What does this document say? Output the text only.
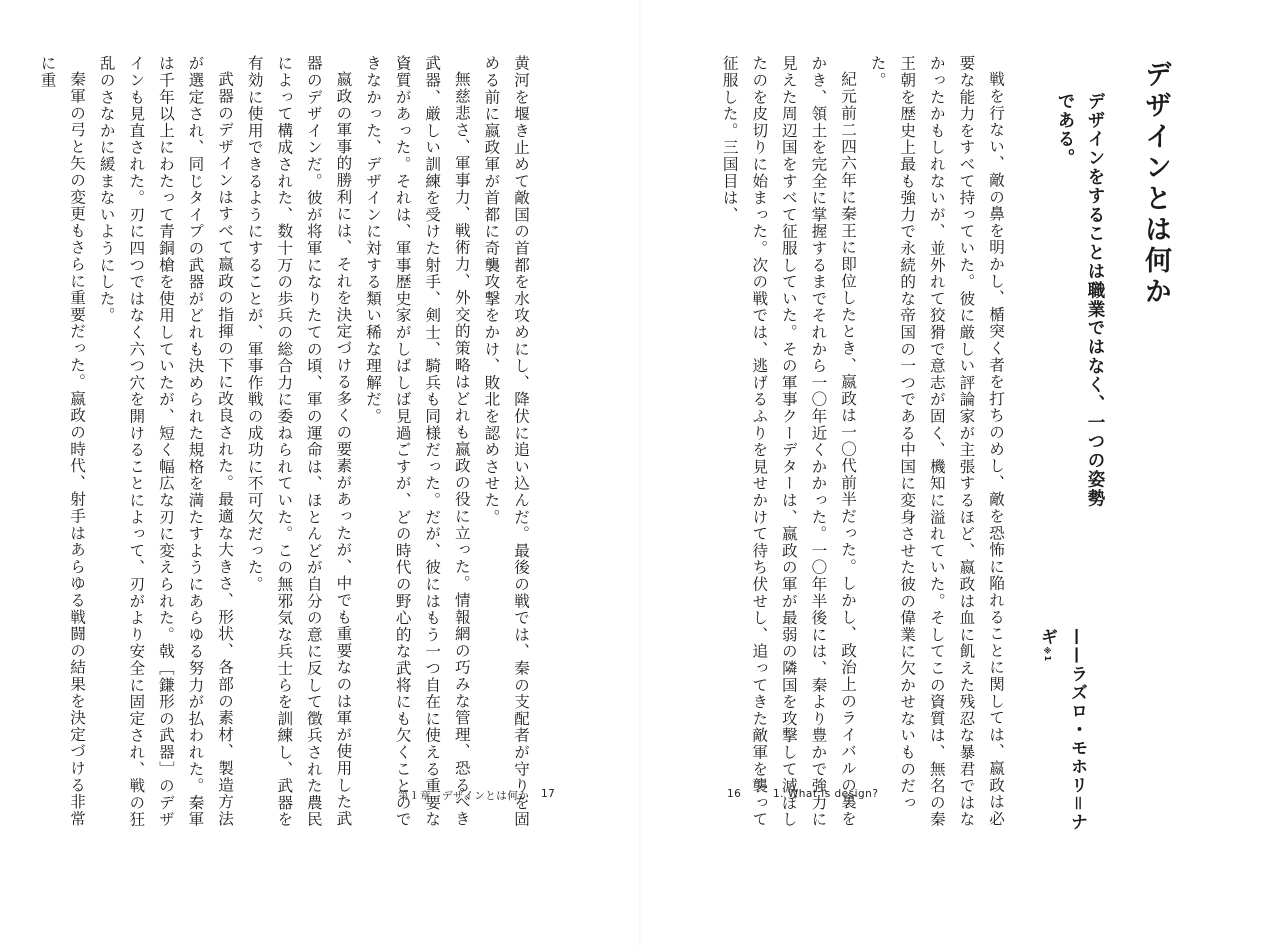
デザインとは何か
デザインをすることは職業ではなく、一つの姿勢である。
——ラズロ・モホリ＝ナギ※1

戦を行ない、敵の鼻を明かし、楯突く者を打ちのめし、敵を恐怖に陥れることに関しては、嬴政は必要な能力をすべて持っていた。彼に厳しい評論家が主張するほど、嬴政は血に飢えた残忍な暴君ではなかったかもしれないが、並外れて狡猾で意志が固く、機知に溢れていた。そしてこの資質は、無名の秦王朝を歴史上最も強力で永続的な帝国の一つである中国に変身させた彼の偉業に欠かせないものだった。

紀元前二四六年に秦王に即位したとき、嬴政は一〇代前半だった。しかし、政治上のライバルの裏をかき、領土を完全に掌握するまでそれから一〇年近くかかった。一〇年半後には、秦より豊かで強力に見えた周辺国をすべて征服していた。その軍事クーデターは、嬴政の軍が最弱の隣国を攻撃して滅ぼしたのを皮切りに始まった。次の戦では、逃げるふりを見せかけて待ち伏せし、追ってきた敵軍を襲って征服した。三国目は、

黄河を堰き止めて敵国の首都を水攻めにし、降伏に追い込んだ。最後の戦では、秦の支配者が守りを固める前に嬴政軍が首都に奇襲攻撃をかけ、敗北を認めさせた。

無慈悲さ、軍事力、戦術力、外交的策略はどれも嬴政の役に立った。情報網の巧みな管理、恐るべき武器、厳しい訓練を受けた射手、剣士、騎兵も同様だった。だが、彼にはもう一つ自在に使える重要な資質があった。それは、軍事歴史家がしばしば見過ごすが、どの時代の野心的な武将にも欠くことのできなかった、デザインに対する類い稀な理解だ。

嬴政の軍事的勝利には、それを決定づける多くの要素があったが、中でも重要なのは軍が使用した武器のデザインだ。彼が将軍になりたての頃、軍の運命は、ほとんどが自分の意に反して徴兵された農民によって構成された、数十万の歩兵の総合力に委ねられていた。この無邪気な兵士らを訓練し、武器を有効に使用できるようにすることが、軍事作戦の成功に不可欠だった。

武器のデザインはすべて嬴政の指揮の下に改良された。最適な大きさ、形状、各部の素材、製造方法が選定され、同じタイプの武器がどれも決められた規格を満たすようにあらゆる努力が払われた。秦軍は千年以上にわたって青銅槍を使用していたが、短く幅広な刃に変えられた。戟［鎌形の武器］のデザインも見直された。刃に四つではなく六つ穴を開けることによって、刃がより安全に固定され、戦の狂乱のさなかに緩まないようにした。

秦軍の弓と矢の変更もさらに重要だった。嬴政の時代、射手はあらゆる戦闘の結果を決定づける非常に重

第１章　デザインとは何か 17	16	1. What is design?
